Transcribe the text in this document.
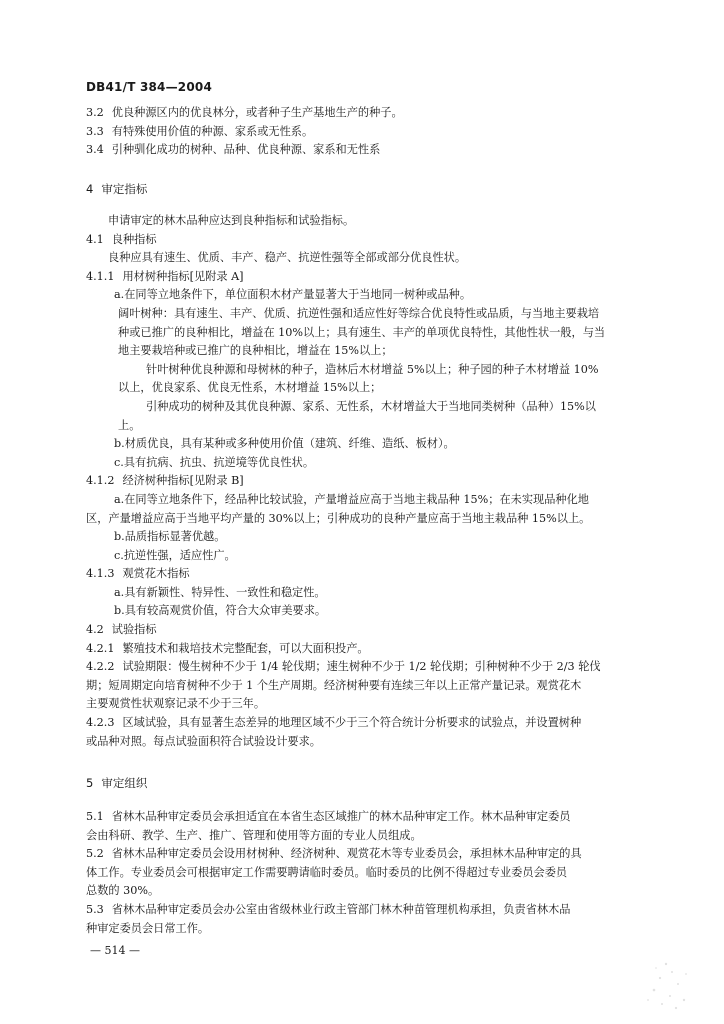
DB41/T 384—2004
3.2 优良种源区内的优良林分，或者种子生产基地生产的种子。
3.3 有特殊使用价值的种源、家系或无性系。
3.4 引种驯化成功的树种、品种、优良种源、家系和无性系
4 审定指标
申请审定的林木品种应达到良种指标和试验指标。
4.1 良种指标
良种应具有速生、优质、丰产、稳产、抗逆性强等全部或部分优良性状。
4.1.1 用材树种指标[见附录 A]
a.在同等立地条件下，单位面积木材产量显著大于当地同一树种或品种。
阔叶树种：具有速生、丰产、优质、抗逆性强和适应性好等综合优良特性或品质，与当地主要栽培
种或已推广的良种相比，增益在 10%以上；具有速生、丰产的单项优良特性，其他性状一般，与当
地主要栽培种或已推广的良种相比，增益在 15%以上；
针叶树种优良种源和母树林的种子，造林后木材增益 5%以上；种子园的种子木材增益 10%
以上，优良家系、优良无性系，木材增益 15%以上；
引种成功的树种及其优良种源、家系、无性系，木材增益大于当地同类树种（品种）15%以
上。
b.材质优良，具有某种或多种使用价值（建筑、纤维、造纸、板材）。
c.具有抗病、抗虫、抗逆境等优良性状。
4.1.2 经济树种指标[见附录 B]
a.在同等立地条件下，经品种比较试验，产量增益应高于当地主栽品种 15%；在未实现品种化地
区，产量增益应高于当地平均产量的 30%以上；引种成功的良种产量应高于当地主栽品种 15%以上。
b.品质指标显著优越。
c.抗逆性强，适应性广。
4.1.3 观赏花木指标
a.具有新颖性、特异性、一致性和稳定性。
b.具有较高观赏价值，符合大众审美要求。
4.2 试验指标
4.2.1 繁殖技术和栽培技术完整配套，可以大面积投产。
4.2.2 试验期限：慢生树种不少于 1/4 轮伐期；速生树种不少于 1/2 轮伐期；引种树种不少于 2/3 轮伐
期；短周期定向培育树种不少于 1 个生产周期。经济树种要有连续三年以上正常产量记录。观赏花木
主要观赏性状观察记录不少于三年。
4.2.3 区域试验，具有显著生态差异的地理区域不少于三个符合统计分析要求的试验点，并设置树种
或品种对照。每点试验面积符合试验设计要求。
5 审定组织
5.1 省林木品种审定委员会承担适宜在本省生态区域推广的林木品种审定工作。林木品种审定委员
会由科研、教学、生产、推广、管理和使用等方面的专业人员组成。
5.2 省林木品种审定委员会设用材树种、经济树种、观赏花木等专业委员会，承担林木品种审定的具
体工作。专业委员会可根据审定工作需要聘请临时委员。临时委员的比例不得超过专业委员会委员
总数的 30%。
5.3 省林木品种审定委员会办公室由省级林业行政主管部门林木种苗管理机构承担，负责省林木品
种审定委员会日常工作。
— 514 —
